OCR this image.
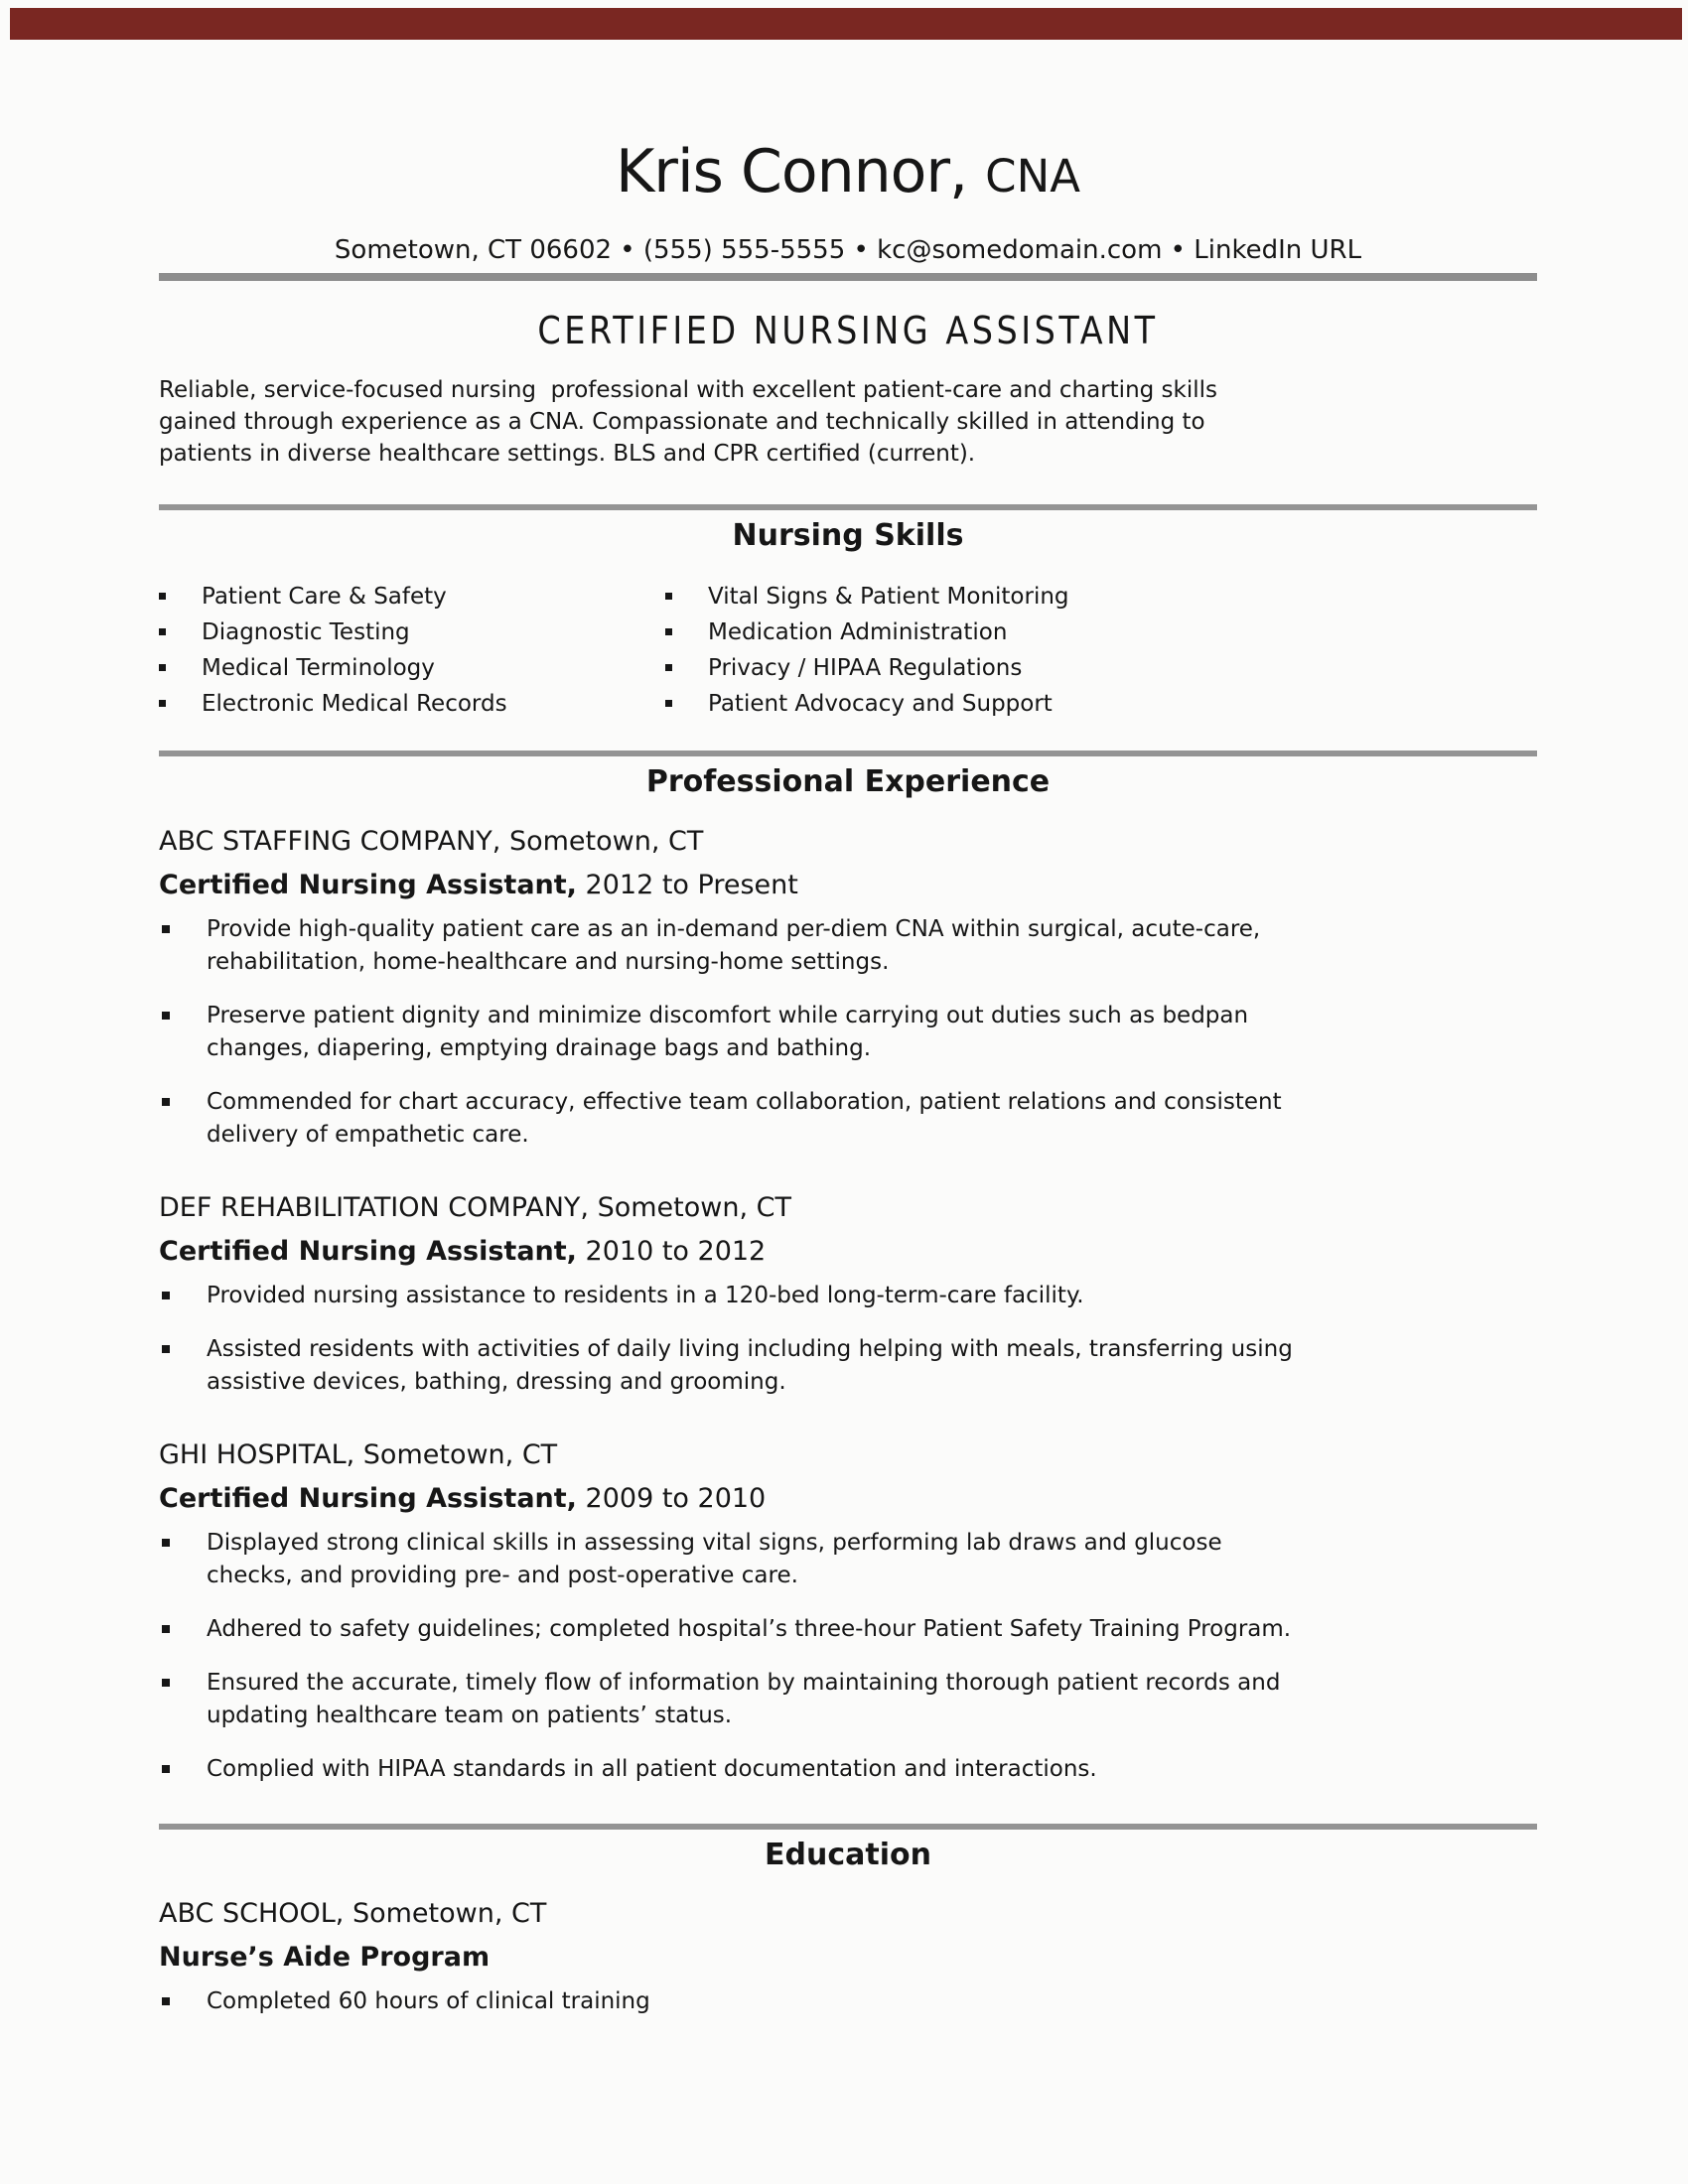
Kris Connor, CNA
Sometown, CT 06602 • (555) 555-5555 • kc@somedomain.com • LinkedIn URL
CERTIFIED NURSING ASSISTANT
Reliable, service-focused nursing  professional with excellent patient-care and charting skills
gained through experience as a CNA. Compassionate and technically skilled in attending to
patients in diverse healthcare settings. BLS and CPR certified (current).
Nursing Skills
Patient Care & Safety
Diagnostic Testing
Medical Terminology
Electronic Medical Records
Vital Signs & Patient Monitoring
Medication Administration
Privacy / HIPAA Regulations
Patient Advocacy and Support
Professional Experience
ABC STAFFING COMPANY, Sometown, CT
Certified Nursing Assistant, 2012 to Present
Provide high-quality patient care as an in-demand per-diem CNA within surgical, acute-care,
rehabilitation, home-healthcare and nursing-home settings.
Preserve patient dignity and minimize discomfort while carrying out duties such as bedpan
changes, diapering, emptying drainage bags and bathing.
Commended for chart accuracy, effective team collaboration, patient relations and consistent
delivery of empathetic care.
DEF REHABILITATION COMPANY, Sometown, CT
Certified Nursing Assistant, 2010 to 2012
Provided nursing assistance to residents in a 120-bed long-term-care facility.
Assisted residents with activities of daily living including helping with meals, transferring using
assistive devices, bathing, dressing and grooming.
GHI HOSPITAL, Sometown, CT
Certified Nursing Assistant, 2009 to 2010
Displayed strong clinical skills in assessing vital signs, performing lab draws and glucose
checks, and providing pre- and post-operative care.
Adhered to safety guidelines; completed hospital’s three-hour Patient Safety Training Program.
Ensured the accurate, timely flow of information by maintaining thorough patient records and
updating healthcare team on patients’ status.
Complied with HIPAA standards in all patient documentation and interactions.
Education
ABC SCHOOL, Sometown, CT
Nurse’s Aide Program
Completed 60 hours of clinical training
